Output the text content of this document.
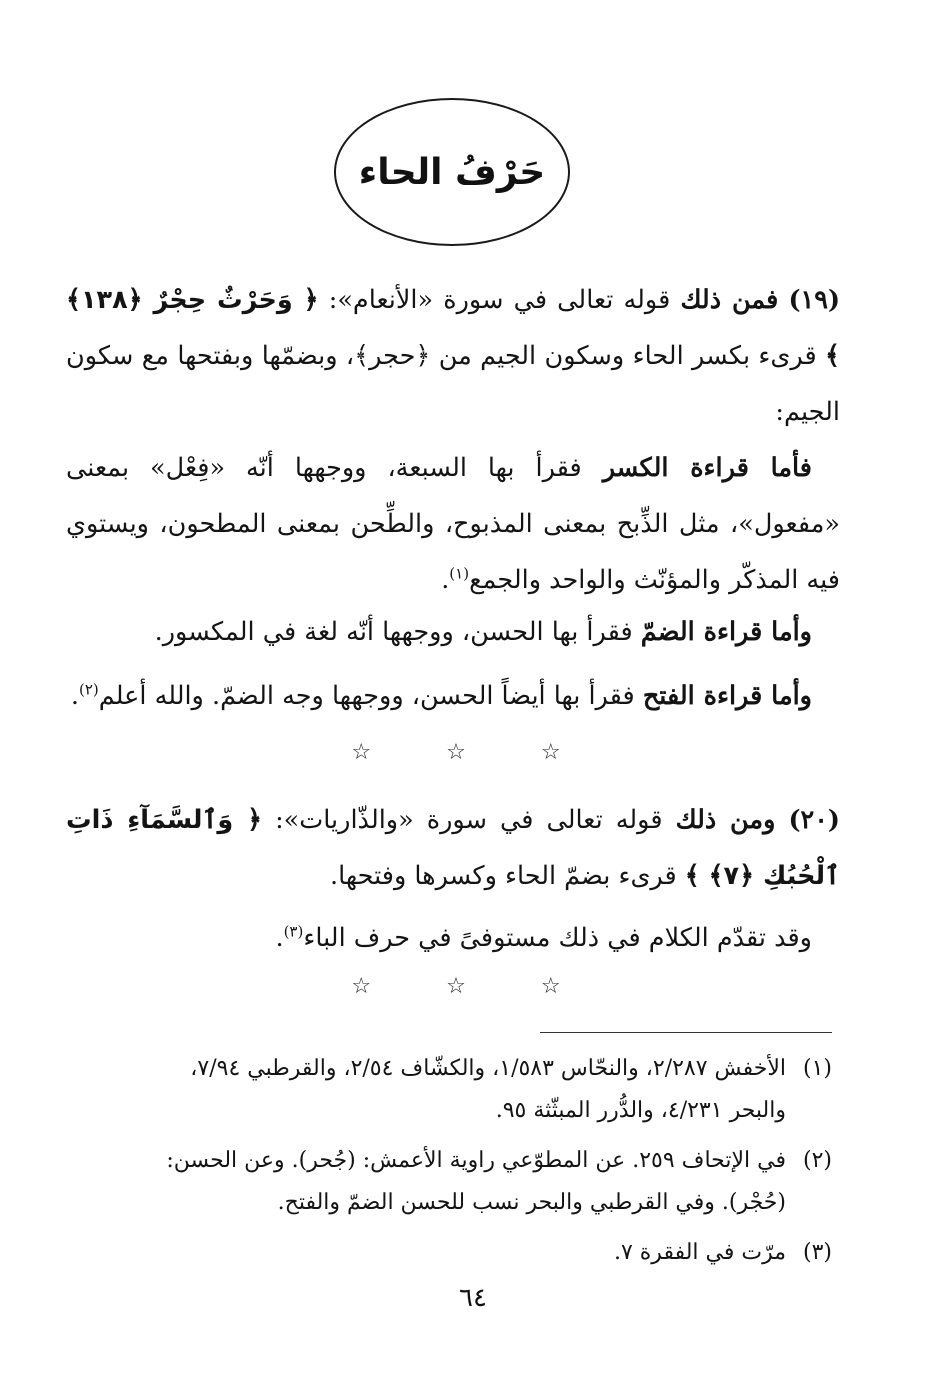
حَرْفُ الحاء
(١٩) فمن ذلك قوله تعالى في سورة «الأنعام»: ﴿ وَحَرْثٌ حِجْرٌ ﴿١٣٨﴾ ﴾ قرىء بكسر الحاء وسكون الجيم من ﴿حجر﴾، وبضمّها وبفتحها مع سكون الجيم:
فأما قراءة الكسر فقرأ بها السبعة، ووجهها أنّه «فِعْل» بمعنى «مفعول»، مثل الذِّبح بمعنى المذبوح، والطِّحن بمعنى المطحون، ويستوي فيه المذكّر والمؤنّث والواحد والجمع$^{(١)}$.
وأما قراءة الضمّ فقرأ بها الحسن، ووجهها أنّه لغة في المكسور.
وأما قراءة الفتح فقرأ بها أيضاً الحسن، ووجهها وجه الضمّ. والله أعلم$^{(٢)}$.
☆ ☆ ☆
(٢٠) ومن ذلك قوله تعالى في سورة «والذّاريات»: ﴿ وَٱلسَّمَآءِ ذَاتِ ٱلْحُبُكِ ﴿٧﴾ ﴾ قرىء بضمّ الحاء وكسرها وفتحها.
وقد تقدّم الكلام في ذلك مستوفىً في حرف الباء$^{(٣)}$.
☆ ☆ ☆
(١)الأخفش ٢/٢٨٧، والنحّاس ١/٥٨٣، والكشّاف ٢/٥٤، والقرطبي ٧/٩٤،
والبحر ٤/٢٣١، والدُّرر المبثّثة ٩٥.
(٢)في الإتحاف ٢٥٩. عن المطوّعي راوية الأعمش: (جُحر). وعن الحسن:
(حُجْر). وفي القرطبي والبحر نسب للحسن الضمّ والفتح.
(٣)مرّت في الفقرة ٧.
٦٤
